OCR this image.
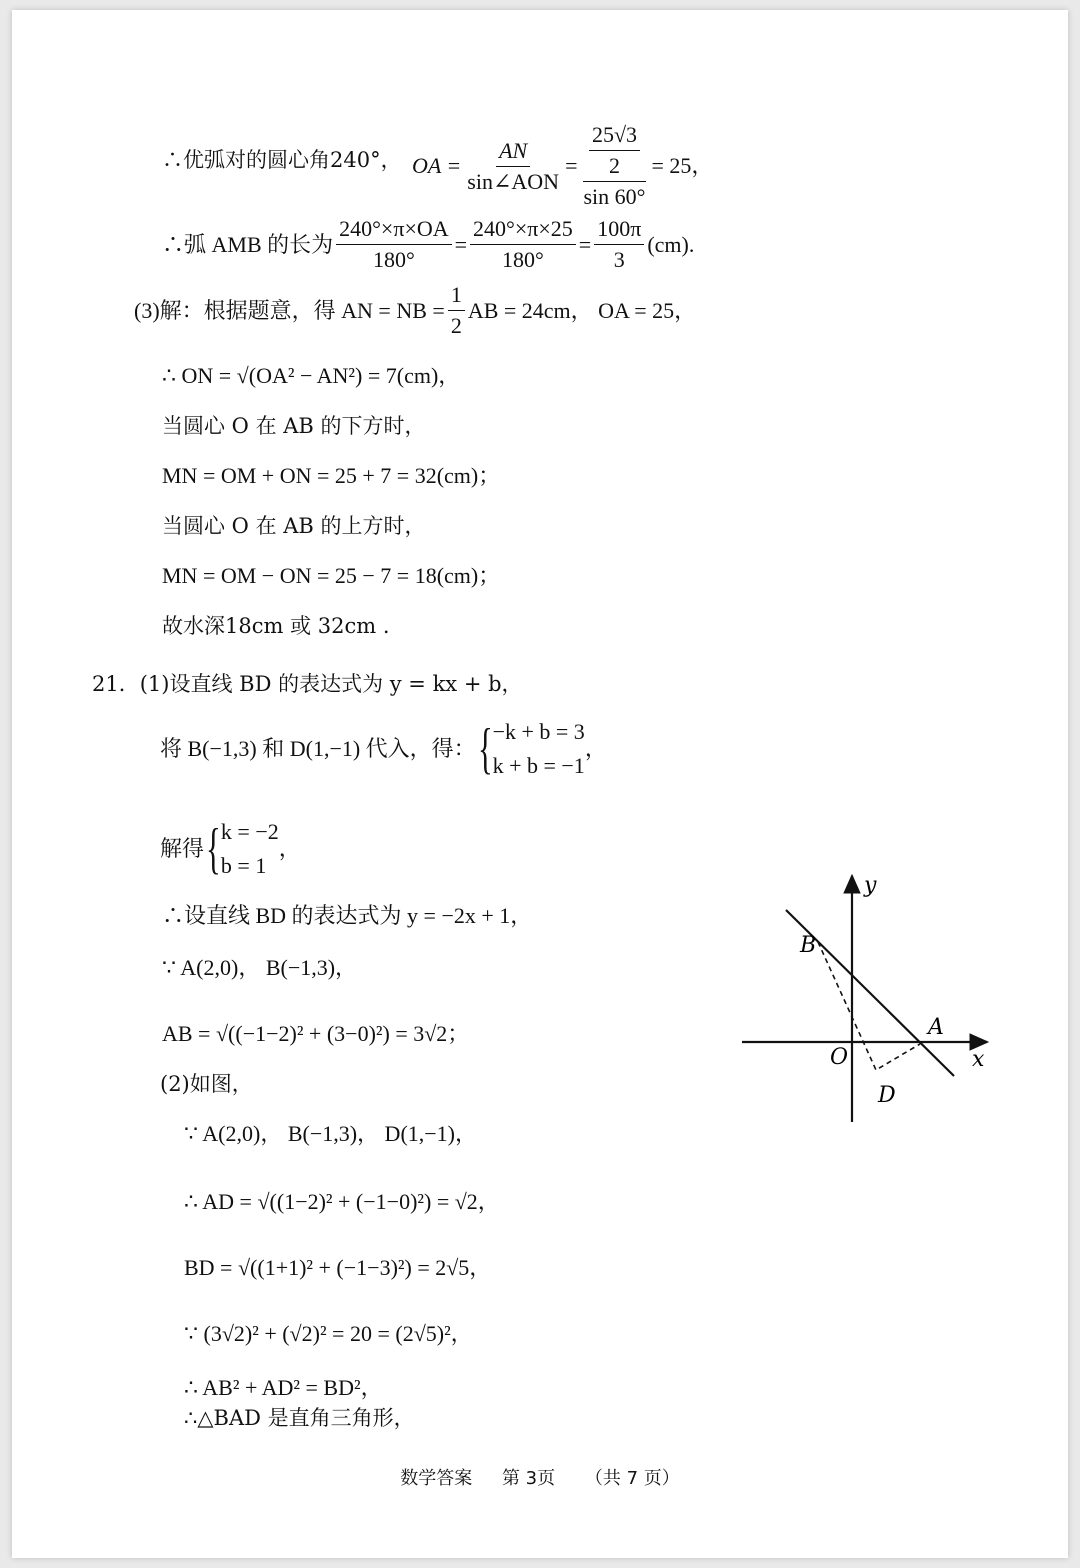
∴优弧对的圆心角240°， OA = $\frac{AN}{\text{sin∠AON}} = \frac{\frac{25√3}{2}}{\sin 60^\circ} = 25$，
∴弧 AMB 的长为 $\frac{240^\circ\times\pi\times OA}{180^\circ} = \frac{240^\circ\times\pi\times 25}{180^\circ} = \frac{100\pi}{3} (cm)$.
(3)解：根据题意，得 AN = NB = $\frac{1}{2}$ AB = 24cm， OA = 25，
∴ ON = √(OA² − AN²) = 7(cm)，
当圆心 O 在 AB 的下方时，
MN = OM + ON = 25 + 7 = 32(cm)；
当圆心 O 在 AB 的上方时，
MN = OM − ON = 25 − 7 = 18(cm)；
故水深18cm 或 32cm .
21．(1)设直线 BD 的表达式为 y = kx + b，
将 B(−1,3) 和 D(1,−1) 代入，得： { −k + b = 3
k + b = −1
，
解得 { k = −2
b = 1
，
∴设直线 BD 的表达式为 y = −2x + 1，
∵ A(2,0)， B(−1,3)，
AB = √((−1−2)² + (3−0)²) = 3√2；
(2)如图，
∵ A(2,0)， B(−1,3)， D(1,−1)，
∴ AD = √((1−2)² + (−1−0)²) = √2，
BD = √((1+1)² + (−1−3)²) = 2√5，
∵ (3√2)² + (√2)² = 20 = (2√5)²，
∴ AB² + AD² = BD²，
∴△BAD 是直角三角形，
y
x
O
A
B
D
数学答案 第 3页 （共 7 页）
